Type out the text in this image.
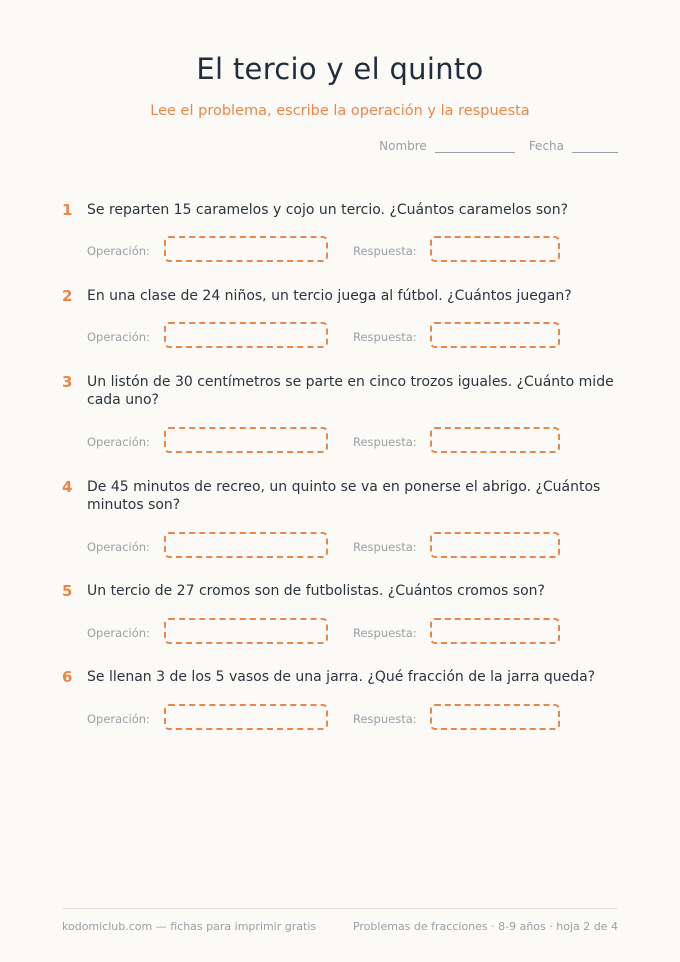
El tercio y el quinto
Lee el problema, escribe la operación y la respuesta
Nombre	Fecha
1 Se reparten 15 caramelos y cojo un tercio. ¿Cuántos caramelos son?
Operación:	Respuesta:
2 En una clase de 24 niños, un tercio juega al fútbol. ¿Cuántos juegan?
Operación:	Respuesta:
3 Un listón de 30 centímetros se parte en cinco trozos iguales. ¿Cuánto mide cada uno?
Operación:	Respuesta:
4 De 45 minutos de recreo, un quinto se va en ponerse el abrigo. ¿Cuántos minutos son?
Operación:	Respuesta:
5 Un tercio de 27 cromos son de futbolistas. ¿Cuántos cromos son?
Operación:	Respuesta:
6 Se llenan 3 de los 5 vasos de una jarra. ¿Qué fracción de la jarra queda?
Operación:	Respuesta:
kodomiclub.com — fichas para imprimir gratis	Problemas de fracciones · 8-9 años · hoja 2 de 4
